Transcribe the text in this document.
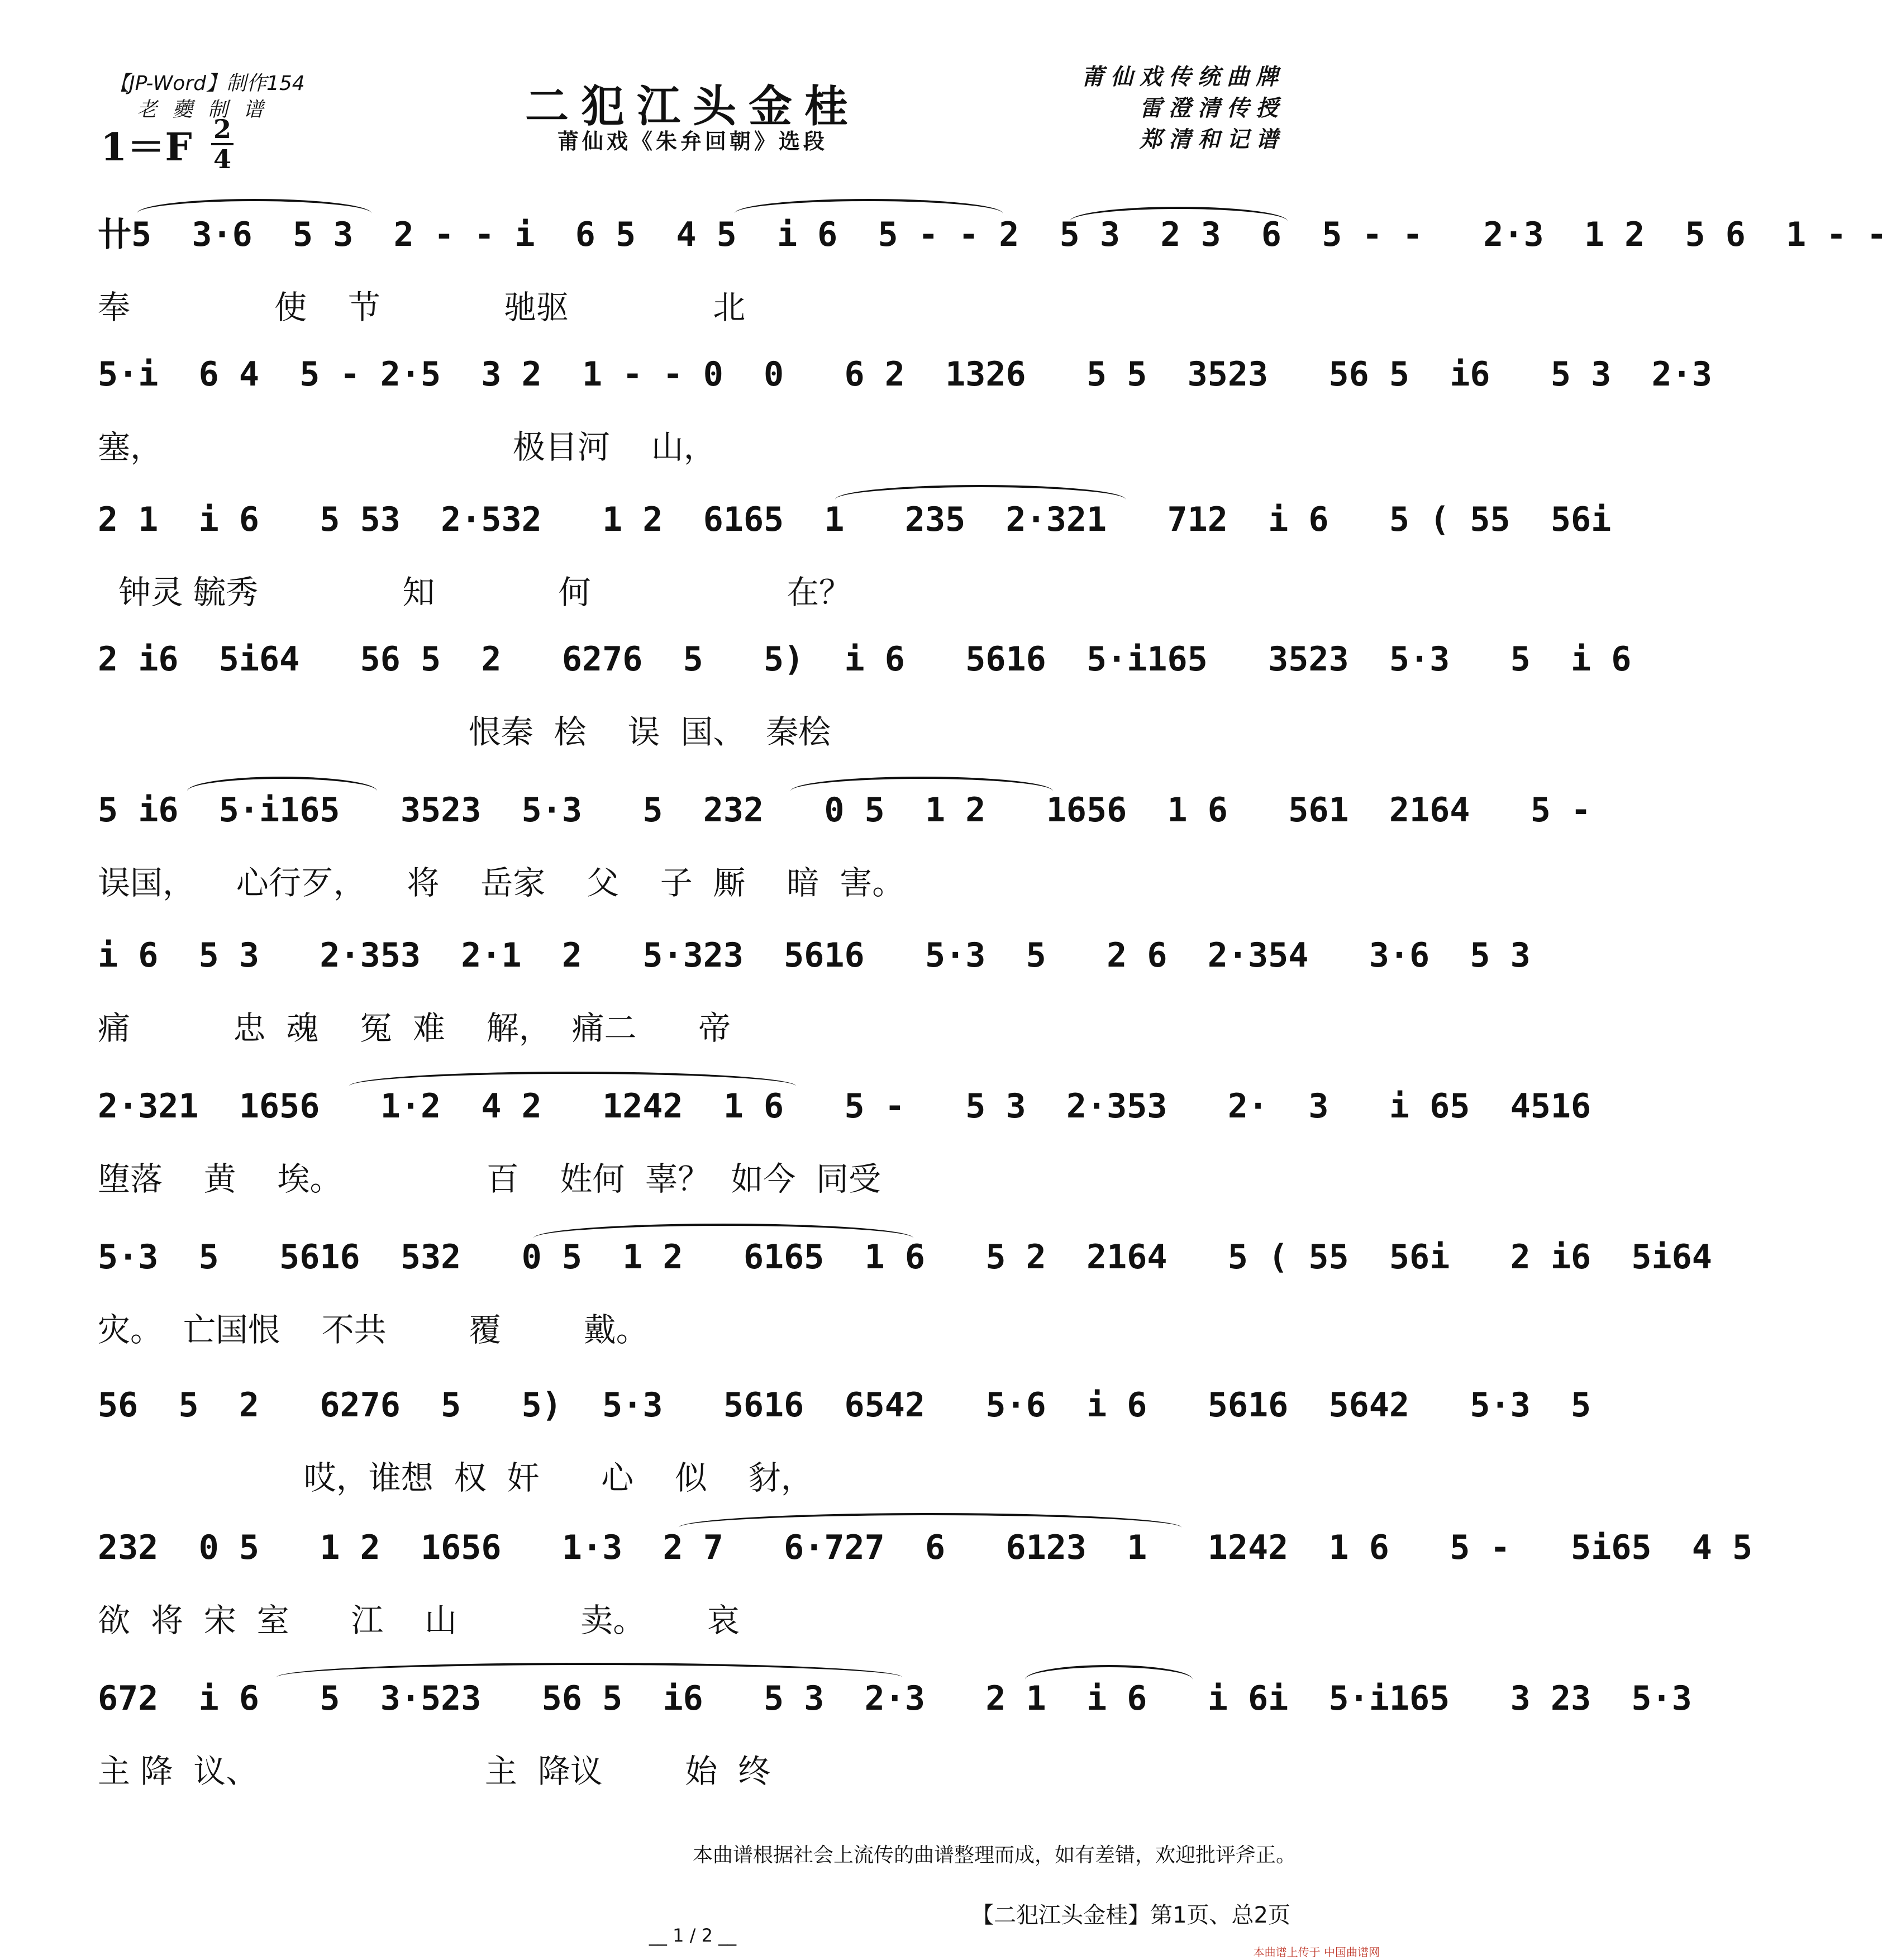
【JP-Word】制作154
老 虁 制 谱
1＝F 2
4
二犯江头金桂
莆仙戏《朱弁回朝》选段
莆仙戏传统曲牌
雷澄清传授
郑清和记谱
卄5  3·6  5 3  2 - - i  6 5  4 5  i 6  5 - - 2  5 3  2 3  6  5 - -   2·3  1 2  5 6  1 - -
奉              使    节            驰驱              北
5·i  6 4  5 - 2·5  3 2  1 - - 0  0   6 2  1326   5 5  3523   56 5  i6   5 3  2·3
塞，                                  极目河    山，
2 1  i 6   5 53  2·532   1 2  6165  1   235  2·321   712  i 6   5 ( 55  56i
钟灵 毓秀              知            何                   在？
2 i6  5i64   56 5  2   6276  5   5)  i 6   5616  5·i165   3523  5·3   5  i 6
恨秦  桧    误  国、  秦桧
5 i6  5·i165   3523  5·3   5  232   0 5  1 2   1656  1 6   561  2164   5 -
误国，    心行歹，    将    岳家    父    子  厮    暗  害。
i 6  5 3   2·353  2·1  2   5·323  5616   5·3  5   2 6  2·354   3·6  5 3
痛          忠  魂    冤  难    解，  痛二      帝
2·321  1656   1·2  4 2   1242  1 6   5 -   5 3  2·353   2·  3   i 65  4516
堕落    黄    埃。              百    姓何  辜？  如今  同受
5·3  5   5616  532   0 5  1 2   6165  1 6   5 2  2164   5 ( 55  56i   2 i6  5i64
灾。  亡国恨    不共        覆        戴。
56  5  2   6276  5   5)  5·3   5616  6542   5·6  i 6   5616  5642   5·3  5
哎，谁想  权  奸      心    似    豺，
232  0 5   1 2  1656   1·3  2 7   6·727  6   6123  1   1242  1 6   5 -   5i65  4 5
欲  将  宋  室      江    山            卖。      哀
672  i 6   5  3·523   56 5  i6   5 3  2·3   2 1  i 6   i 6i  5·i165   3 23  5·3
主 降  议、                      主  降议        始  终
本曲谱根据社会上流传的曲谱整理而成，如有差错，欢迎批评斧正。
【二犯江头金桂】第1页、总2页
__ 1 / 2 __
本曲谱上传于 中国曲谱网
